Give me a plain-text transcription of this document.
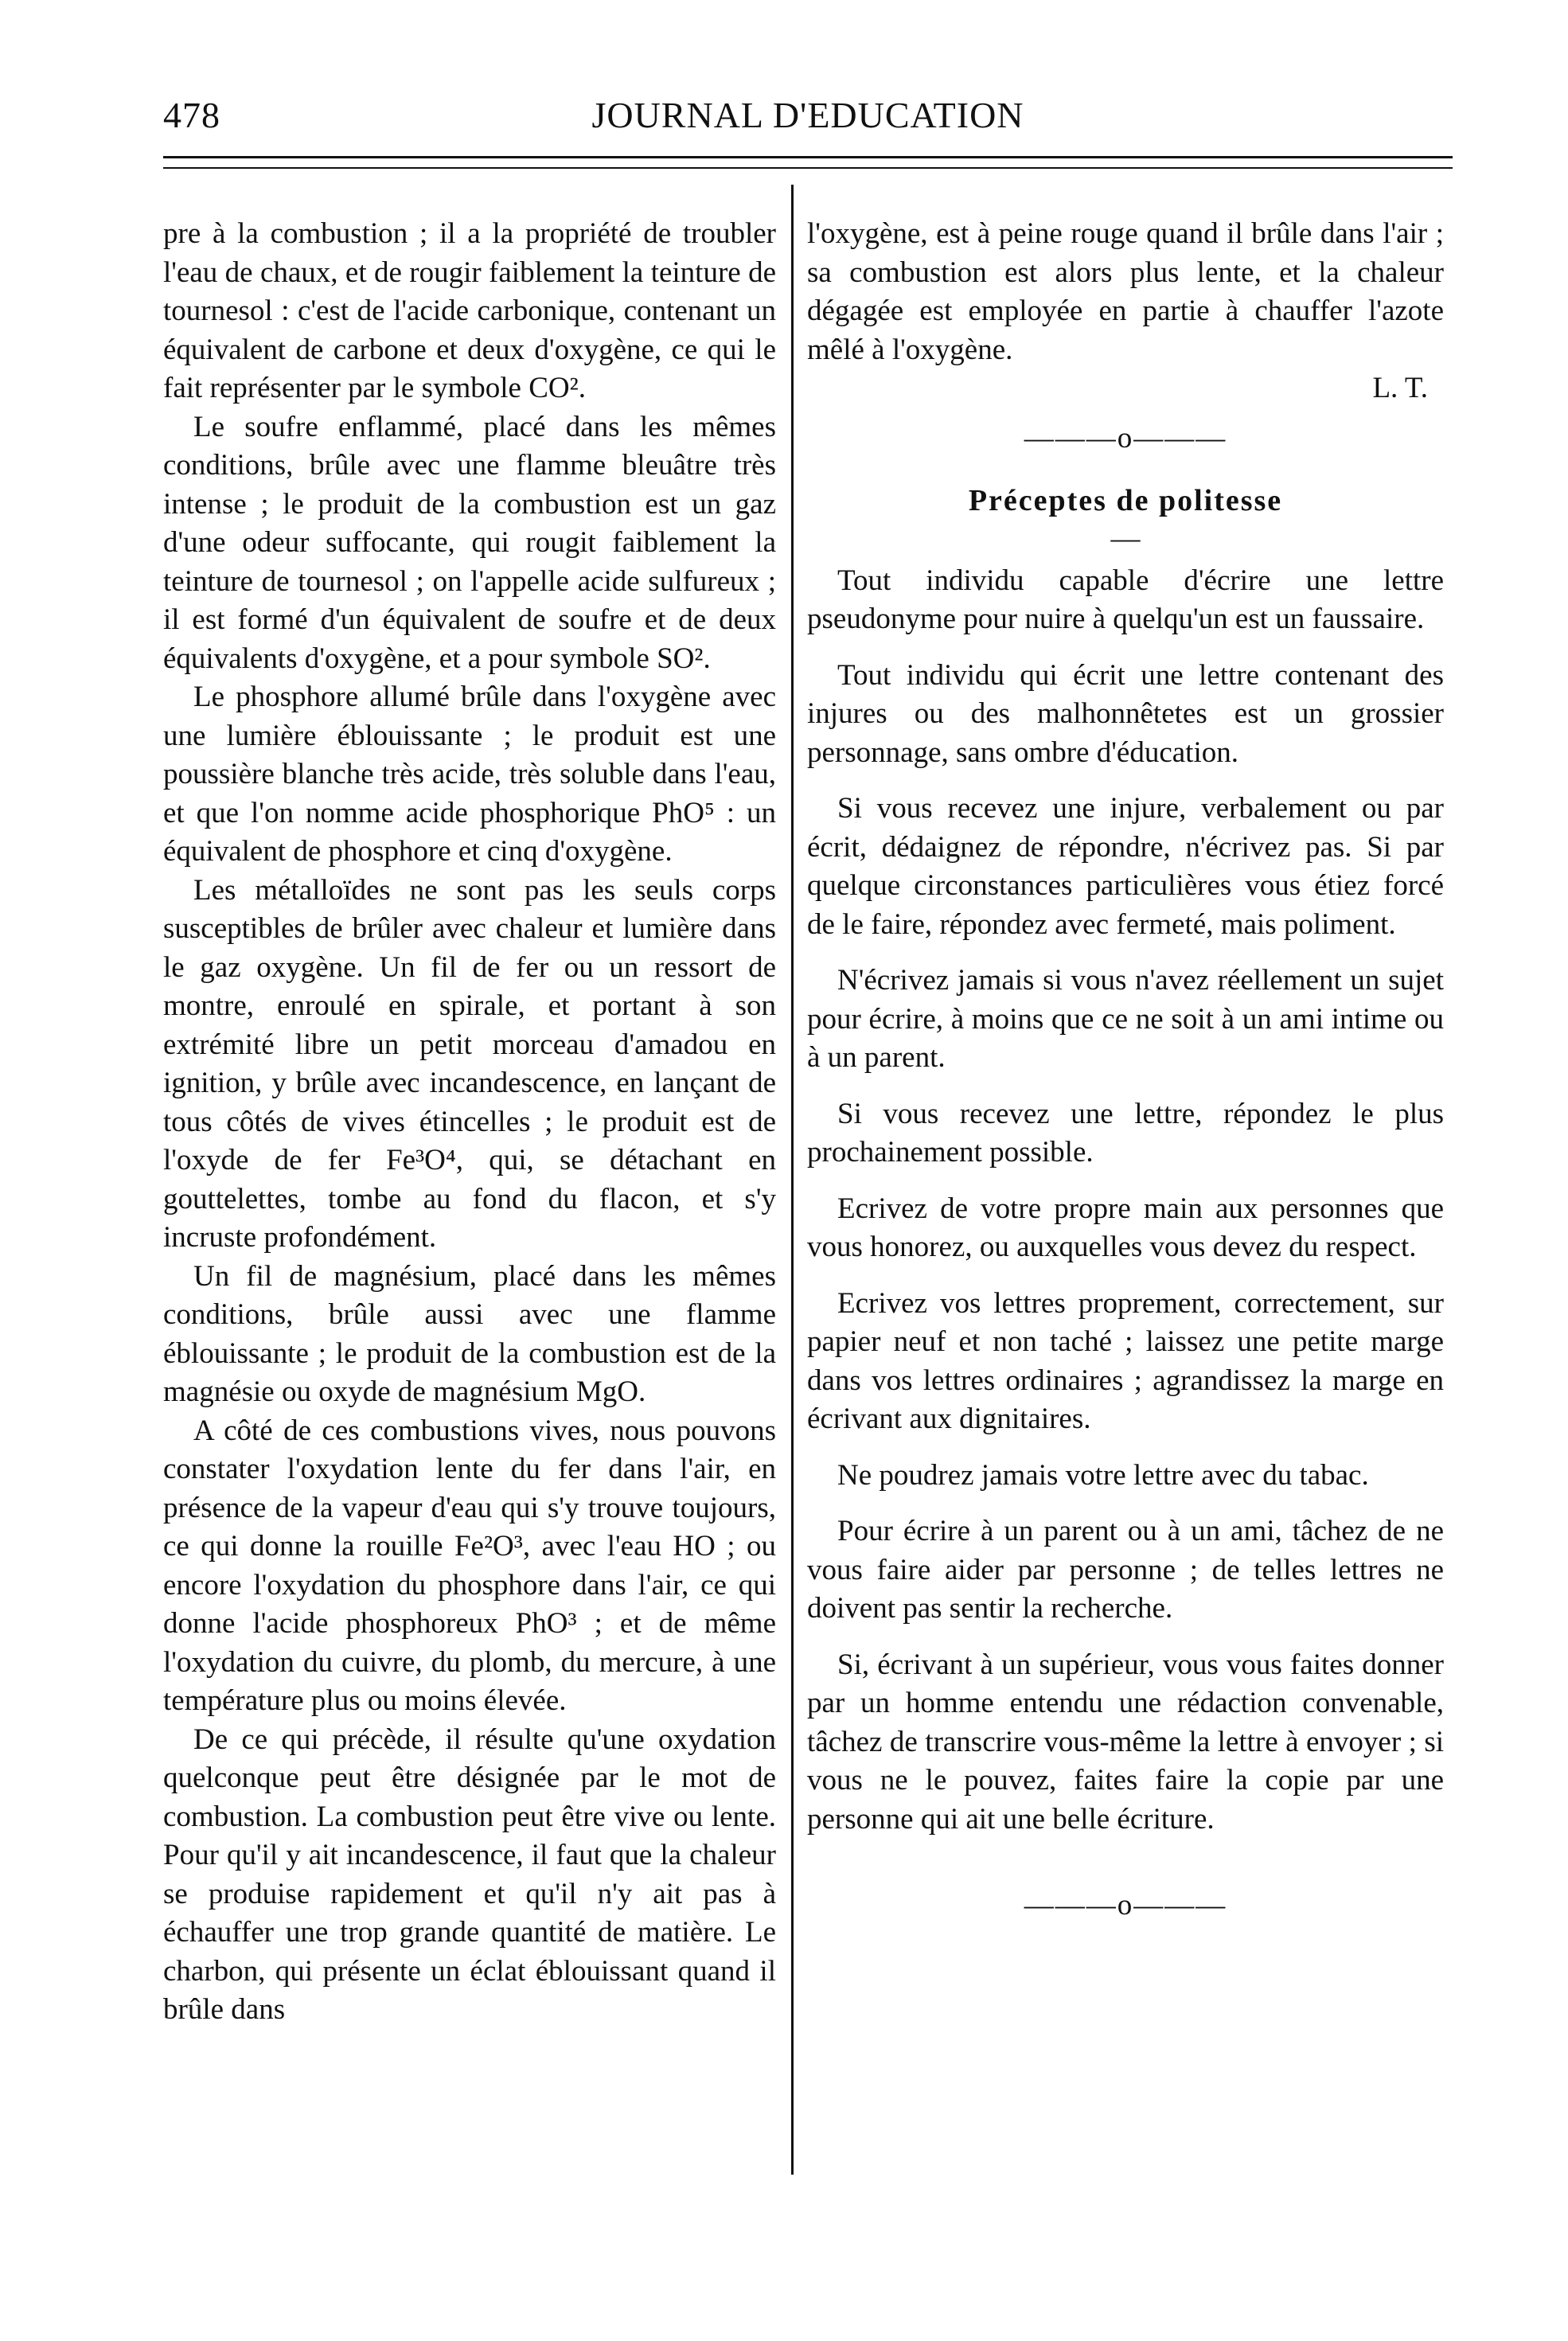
478	JOURNAL D'EDUCATION

pre à la combustion ; il a la propriété de troubler l'eau de chaux, et de rougir faiblement la teinture de tournesol : c'est de l'acide carbonique, contenant un équivalent de carbone et deux d'oxygène, ce qui le fait représenter par le symbole CO².

Le soufre enflammé, placé dans les mêmes conditions, brûle avec une flamme bleuâtre très intense ; le produit de la combustion est un gaz d'une odeur suffocante, qui rougit faiblement la teinture de tournesol ; on l'appelle acide sulfureux ; il est formé d'un équivalent de soufre et de deux équivalents d'oxygène, et a pour symbole SO².

Le phosphore allumé brûle dans l'oxygène avec une lumière éblouissante ; le produit est une poussière blanche très acide, très soluble dans l'eau, et que l'on nomme acide phosphorique PhO⁵ : un équivalent de phosphore et cinq d'oxygène.

Les métalloïdes ne sont pas les seuls corps susceptibles de brûler avec chaleur et lumière dans le gaz oxygène. Un fil de fer ou un ressort de montre, enroulé en spirale, et portant à son extrémité libre un petit morceau d'amadou en ignition, y brûle avec incandescence, en lançant de tous côtés de vives étincelles ; le produit est de l'oxyde de fer Fe³O⁴, qui, se détachant en gouttelettes, tombe au fond du flacon, et s'y incruste profondément.

Un fil de magnésium, placé dans les mêmes conditions, brûle aussi avec une flamme éblouissante ; le produit de la combustion est de la magnésie ou oxyde de magnésium MgO.

A côté de ces combustions vives, nous pouvons constater l'oxydation lente du fer dans l'air, en présence de la vapeur d'eau qui s'y trouve toujours, ce qui donne la rouille Fe²O³, avec l'eau HO ; ou encore l'oxydation du phosphore dans l'air, ce qui donne l'acide phosphoreux PhO³ ; et de même l'oxydation du cuivre, du plomb, du mercure, à une température plus ou moins élevée.

De ce qui précède, il résulte qu'une oxydation quelconque peut être désignée par le mot de combustion. La combustion peut être vive ou lente. Pour qu'il y ait incandescence, il faut que la chaleur se produise rapidement et qu'il n'y ait pas à échauffer une trop grande quantité de matière. Le charbon, qui présente un éclat éblouissant quand il brûle dans

l'oxygène, est à peine rouge quand il brûle dans l'air ; sa combustion est alors plus lente, et la chaleur dégagée est employée en partie à chauffer l'azote mêlé à l'oxygène.

L. T.

———o———
Préceptes de politesse
—

Tout individu capable d'écrire une lettre pseudonyme pour nuire à quelqu'un est un faussaire.

Tout individu qui écrit une lettre contenant des injures ou des malhonnêtetes est un grossier personnage, sans ombre d'éducation.

Si vous recevez une injure, verbalement ou par écrit, dédaignez de répondre, n'écrivez pas. Si par quelque circonstances particulières vous étiez forcé de le faire, répondez avec fermeté, mais poliment.

N'écrivez jamais si vous n'avez réellement un sujet pour écrire, à moins que ce ne soit à un ami intime ou à un parent.

Si vous recevez une lettre, répondez le plus prochainement possible.

Ecrivez de votre propre main aux personnes que vous honorez, ou auxquelles vous devez du respect.

Ecrivez vos lettres proprement, correctement, sur papier neuf et non taché ; laissez une petite marge dans vos lettres ordinaires ; agrandissez la marge en écrivant aux dignitaires.

Ne poudrez jamais votre lettre avec du tabac.

Pour écrire à un parent ou à un ami, tâchez de ne vous faire aider par personne ; de telles lettres ne doivent pas sentir la recherche.

Si, écrivant à un supérieur, vous vous faites donner par un homme entendu une rédaction convenable, tâchez de transcrire vous-même la lettre à envoyer ; si vous ne le pouvez, faites faire la copie par une personne qui ait une belle écriture.

———o———
